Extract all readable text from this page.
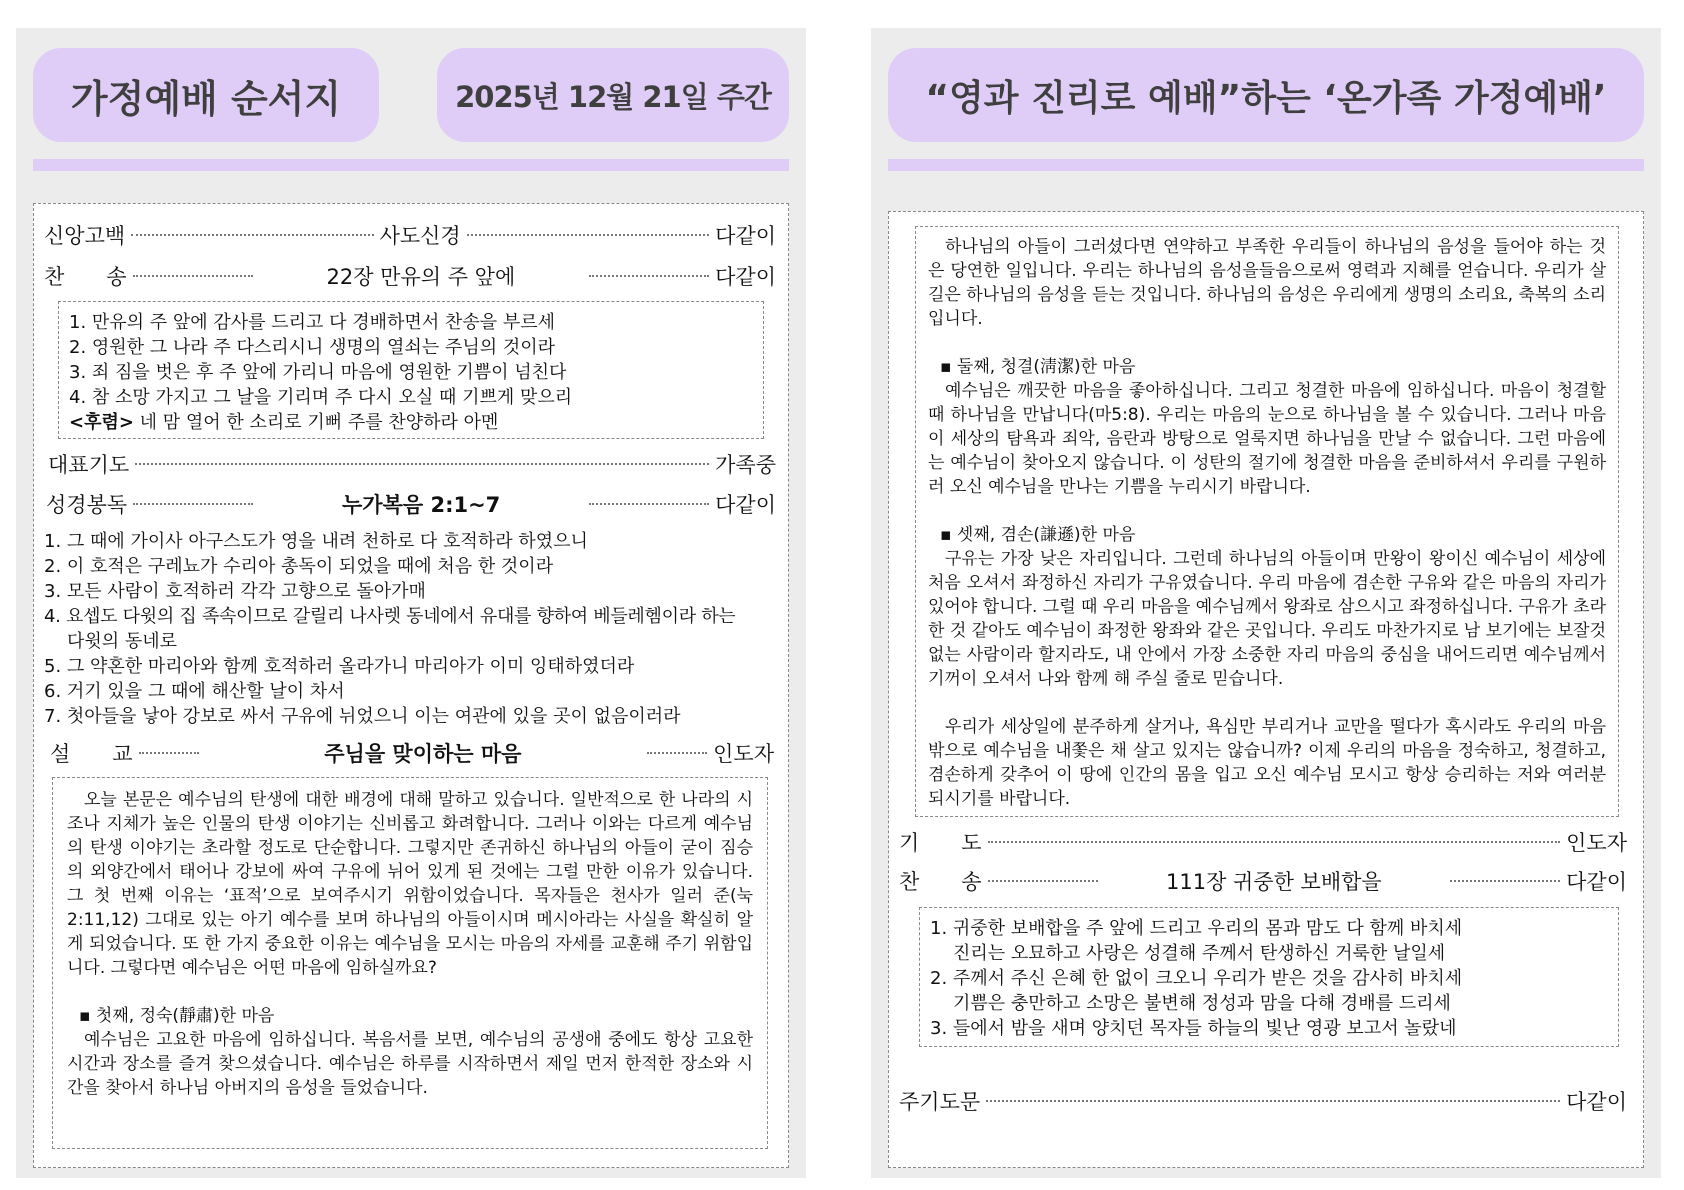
가정예배 순서지	2025년 12월 21일 주간
신앙고백	사도신경	다같이
찬　　송	22장 만유의 주 앞에	다같이

1. 만유의 주 앞에 감사를 드리고 다 경배하면서 찬송을 부르세

2. 영원한 그 나라 주 다스리시니 생명의 열쇠는 주님의 것이라

3. 죄 짐을 벗은 후 주 앞에 가리니 마음에 영원한 기쁨이 넘친다

4. 참 소망 가지고 그 날을 기리며 주 다시 오실 때 기쁘게 맞으리

<후렴> 네 맘 열어 한 소리로 기뻐 주를 찬양하라 아멘

대표기도	가족중
성경봉독	누가복음 2:1~7	다같이

1. 그 때에 가이사 아구스도가 영을 내려 천하로 다 호적하라 하였으니

2. 이 호적은 구레뇨가 수리아 총독이 되었을 때에 처음 한 것이라

3. 모든 사람이 호적하러 각각 고향으로 돌아가매

4. 요셉도 다윗의 집 족속이므로 갈릴리 나사렛 동네에서 유대를 향하여 베들레헴이라 하는

다윗의 동네로

5. 그 약혼한 마리아와 함께 호적하러 올라가니 마리아가 이미 잉태하였더라

6. 거기 있을 그 때에 해산할 날이 차서

7. 첫아들을 낳아 강보로 싸서 구유에 뉘었으니 이는 여관에 있을 곳이 없음이러라

설　　교	주님을 맞이하는 마음	인도자

오늘 본문은 예수님의 탄생에 대한 배경에 대해 말하고 있습니다. 일반적으로 한 나라의 시조나 지체가 높은 인물의 탄생 이야기는 신비롭고 화려합니다. 그러나 이와는 다르게 예수님의 탄생 이야기는 초라할 정도로 단순합니다. 그렇지만 존귀하신 하나님의 아들이 굳이 짐승의 외양간에서 태어나 강보에 싸여 구유에 뉘어 있게 된 것에는 그럴 만한 이유가 있습니다. 그 첫 번째 이유는 ‘표적’으로 보여주시기 위함이었습니다. 목자들은 천사가 일러 준(눅 2:11,12) 그대로 있는 아기 예수를 보며 하나님의 아들이시며 메시아라는 사실을 확실히 알게 되었습니다. 또 한 가지 중요한 이유는 예수님을 모시는 마음의 자세를 교훈해 주기 위함입니다. 그렇다면 예수님은 어떤 마음에 임하실까요?

▪ 첫째, 정숙(靜肅)한 마음

예수님은 고요한 마음에 임하십니다. 복음서를 보면, 예수님의 공생애 중에도 항상 고요한 시간과 장소를 즐겨 찾으셨습니다. 예수님은 하루를 시작하면서 제일 먼저 한적한 장소와 시간을 찾아서 하나님 아버지의 음성을 들었습니다.

“영과 진리로 예배”하는 ‘온가족 가정예배’

하나님의 아들이 그러셨다면 연약하고 부족한 우리들이 하나님의 음성을 들어야 하는 것은 당연한 일입니다. 우리는 하나님의 음성을들음으로써 영력과 지혜를 얻습니다. 우리가 살 길은 하나님의 음성을 듣는 것입니다. 하나님의 음성은 우리에게 생명의 소리요, 축복의 소리입니다.

▪ 둘째, 청결(淸潔)한 마음

예수님은 깨끗한 마음을 좋아하십니다. 그리고 청결한 마음에 임하십니다. 마음이 청결할 때 하나님을 만납니다(마5:8). 우리는 마음의 눈으로 하나님을 볼 수 있습니다. 그러나 마음이 세상의 탐욕과 죄악, 음란과 방탕으로 얼룩지면 하나님을 만날 수 없습니다. 그런 마음에는 예수님이 찾아오지 않습니다. 이 성탄의 절기에 청결한 마음을 준비하셔서 우리를 구원하러 오신 예수님을 만나는 기쁨을 누리시기 바랍니다.

▪ 셋째, 겸손(謙遜)한 마음

구유는 가장 낮은 자리입니다. 그런데 하나님의 아들이며 만왕이 왕이신 예수님이 세상에 처음 오셔서 좌정하신 자리가 구유였습니다. 우리 마음에 겸손한 구유와 같은 마음의 자리가 있어야 합니다. 그럴 때 우리 마음을 예수님께서 왕좌로 삼으시고 좌정하십니다. 구유가 초라한 것 같아도 예수님이 좌정한 왕좌와 같은 곳입니다. 우리도 마찬가지로 남 보기에는 보잘것없는 사람이라 할지라도, 내 안에서 가장 소중한 자리 마음의 중심을 내어드리면 예수님께서 기꺼이 오셔서 나와 함께 해 주실 줄로 믿습니다.

우리가 세상일에 분주하게 살거나, 욕심만 부리거나 교만을 떨다가 혹시라도 우리의 마음 밖으로 예수님을 내쫓은 채 살고 있지는 않습니까? 이제 우리의 마음을 정숙하고, 청결하고, 겸손하게 갖추어 이 땅에 인간의 몸을 입고 오신 예수님 모시고 항상 승리하는 저와 여러분 되시기를 바랍니다.

기　　도	인도자
찬　　송	111장 귀중한 보배합을	다같이

1. 귀중한 보배합을 주 앞에 드리고 우리의 몸과 맘도 다 함께 바치세

진리는 오묘하고 사랑은 성결해 주께서 탄생하신 거룩한 날일세

2. 주께서 주신 은혜 한 없이 크오니 우리가 받은 것을 감사히 바치세

기쁨은 충만하고 소망은 불변해 정성과 맘을 다해 경배를 드리세

3. 들에서 밤을 새며 양치던 목자들 하늘의 빛난 영광 보고서 놀랐네

주기도문	다같이
